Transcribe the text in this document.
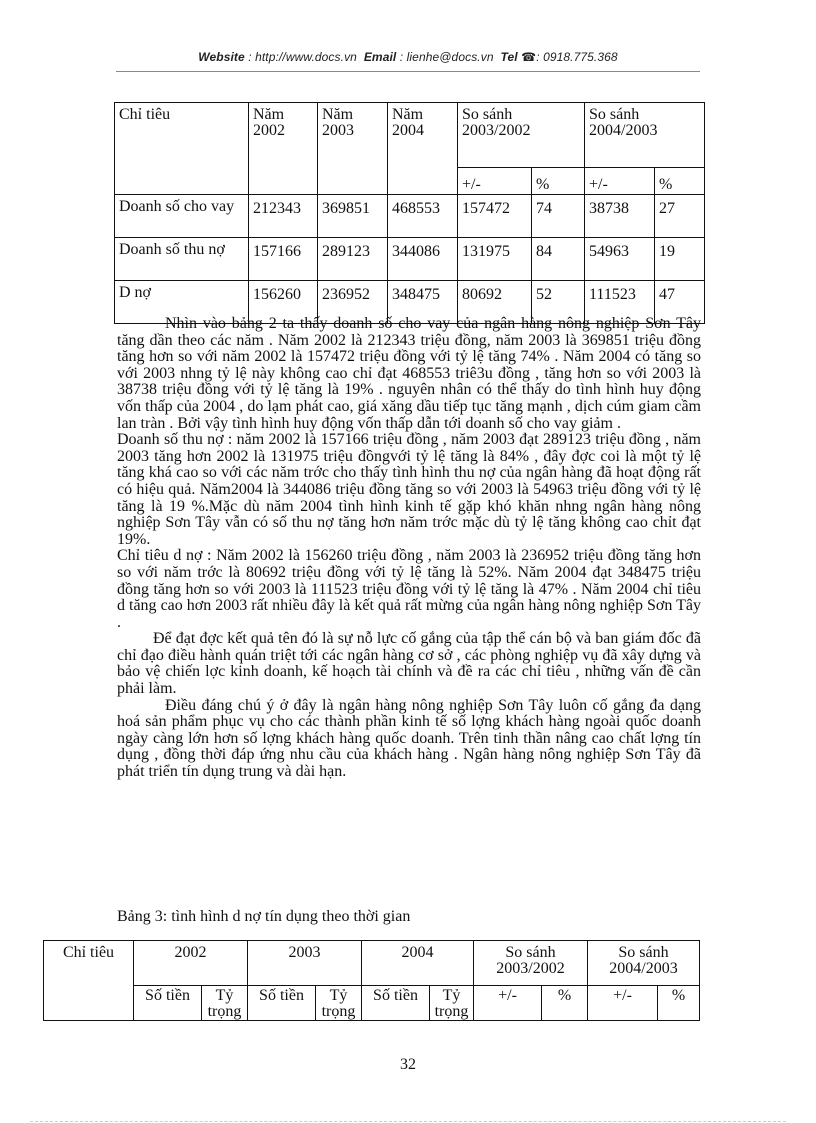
Website : http://www.docs.vn Email : lienhe@docs.vn Tel ☎: 0918.775.368
Chỉ tiêu	Năm 2002	Năm 2003	Năm 2004	So sánh 2003/2002		So sánh 2004/2003	
				+/-	%	+/-	%
Doanh số cho vay	212343	369851	468553	157472	74	38738	27
Doanh số thu nợ	157166	289123	344086	131975	84	54963	19
D nợ	156260	236952	348475	80692	52	111523	47

Nhìn vào bảng 2 ta thấy doanh số cho vay của ngân hàng nông nghiệp Sơn Tây tăng dần theo các năm . Năm 2002 là 212343 triệu đồng, năm 2003 là 369851 triệu đồng tăng hơn so với năm 2002 là 157472 triệu đồng với tỷ lệ tăng 74% . Năm 2004 có tăng so với 2003 nhng tỷ lệ này không cao chỉ đạt 468553 triê3u đồng , tăng hơn so với 2003 là 38738 triệu đồng với tỷ lệ tăng là 19% . nguyên nhân có thể thấy do tình hình huy động vốn thấp của 2004 , do lạm phát cao, giá xăng dầu tiếp tục tăng mạnh , dịch cúm giam cầm lan tràn . Bởi vậy tình hình huy động vốn thấp dẫn tới doanh số cho vay giảm .

Doanh số thu nợ : năm 2002 là 157166 triệu đồng , năm 2003 đạt 289123 triệu đồng , năm 2003 tăng hơn 2002 là 131975 triệu đồngvới tỷ lệ tăng là 84% , đây đợc coi là một tỷ lệ tăng khá cao so với các năm trớc cho thấy tình hình thu nợ của ngân hàng đã hoạt động rất có hiệu quả. Năm2004 là 344086 triệu đồng tăng so với 2003 là 54963 triệu đồng với tỷ lệ tăng là 19 %.Mặc dù năm 2004 tình hình kinh tế gặp khó khăn nhng ngân hàng nông nghiệp Sơn Tây vẫn có số thu nợ tăng hơn năm trớc mặc dù tỷ lệ tăng không cao chỉt đạt 19%.

Chỉ tiêu d nợ : Năm 2002 là 156260 triệu đồng , năm 2003 là 236952 triệu đồng tăng hơn so với năm trớc là 80692 triệu đồng với tỷ lệ tăng là 52%. Năm 2004 đạt 348475 triệu đồng tăng hơn so với 2003 là 111523 triệu đồng với tỷ lệ tăng là 47% . Năm 2004 chỉ tiêu d tăng cao hơn 2003 rất nhiều đây là kết quả rất mừng của ngân hàng nông nghiệp Sơn Tây .

Để đạt đợc kết quả tên đó là sự nỗ lực cố gắng của tập thể cán bộ và ban giám đốc đã chỉ đạo điều hành quán triệt tới các ngân hàng cơ sở , các phòng nghiệp vụ đã xây dựng và bảo vệ chiến lợc kinh doanh, kế hoạch tài chính và đề ra các chỉ tiêu , những vấn đề cần phải làm.

Điều đáng chú ý ở đây là ngân hàng nông nghiệp Sơn Tây luôn cố gắng đa dạng hoá sản phẩm phục vụ cho các thành phần kinh tế số lợng khách hàng ngoài quốc doanh ngày càng lớn hơn số lợng khách hàng quốc doanh. Trên tinh thần nâng cao chất lợng tín dụng , đồng thời đáp ứng nhu cầu của khách hàng . Ngân hàng nông nghiệp Sơn Tây đã phát triển tín dụng trung và dài hạn.

Bảng 3: tình hình d nợ tín dụng theo thời gian
Chỉ tiêu	2002		2003		2004		So sánh 2003/2002		So sánh 2004/2003	
	Số tiền	Tỷ trọng	Số tiền	Tỷ trọng	Số tiền	Tỷ trọng	+/-	%	+/-	%
32
